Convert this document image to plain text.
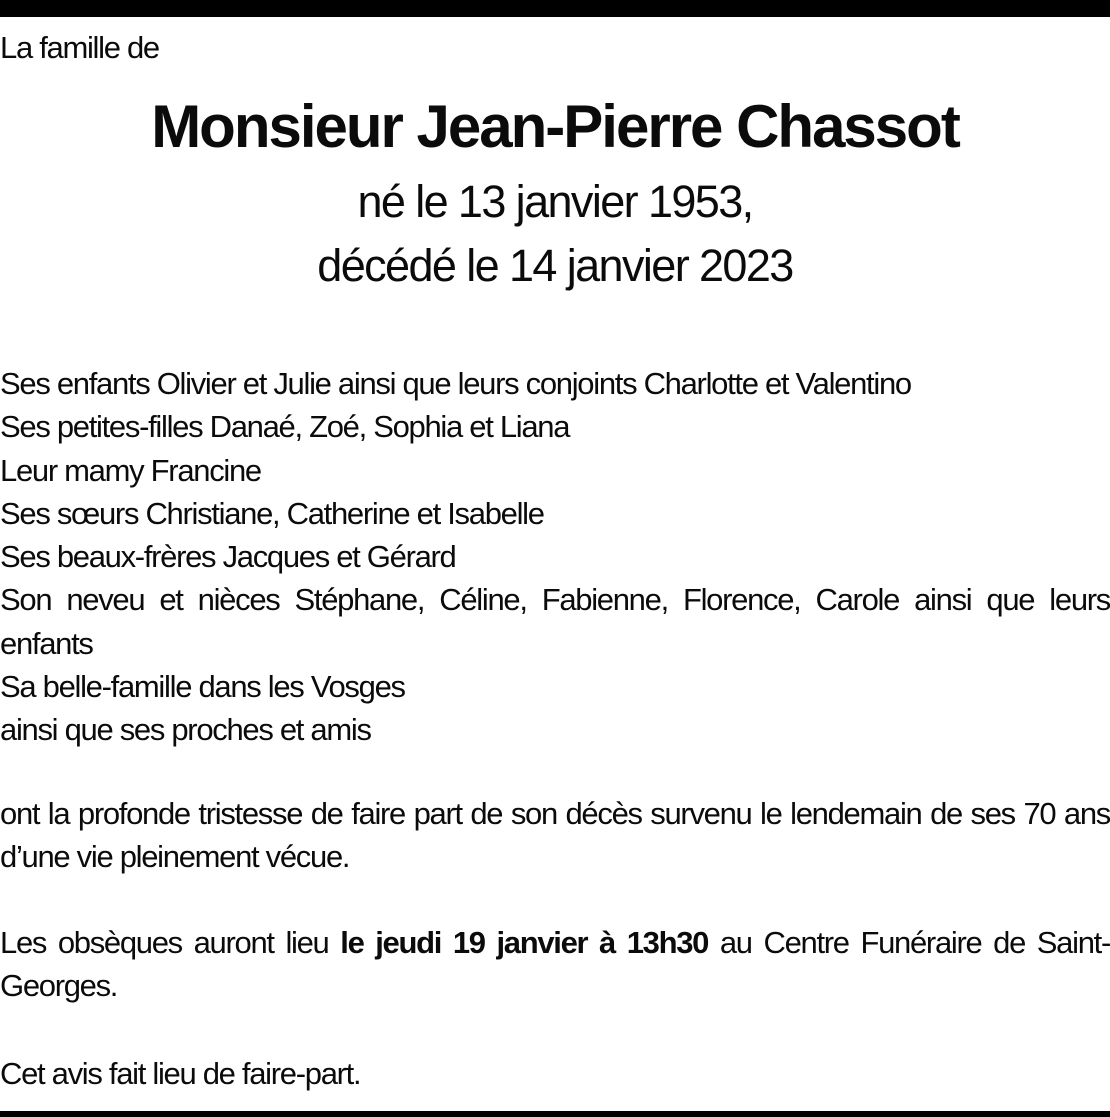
La famille de
Monsieur Jean-Pierre Chassot
né le 13 janvier 1953,
décédé le 14 janvier 2023
Ses enfants Olivier et Julie ainsi que leurs conjoints Charlotte et Valentino
Ses petites-filles Danaé, Zoé, Sophia et Liana
Leur mamy Francine
Ses sœurs Christiane, Catherine et Isabelle
Ses beaux-frères Jacques et Gérard
Son neveu et nièces Stéphane, Céline, Fabienne, Florence, Carole ainsi que leurs enfants
Sa belle-famille dans les Vosges
ainsi que ses proches et amis
ont la profonde tristesse de faire part de son décès survenu le lendemain de ses 70 ans d’une vie pleinement vécue.
Les obsèques auront lieu le jeudi 19 janvier à 13h30 au Centre Funéraire de Saint-Georges.
Cet avis fait lieu de faire-part.
